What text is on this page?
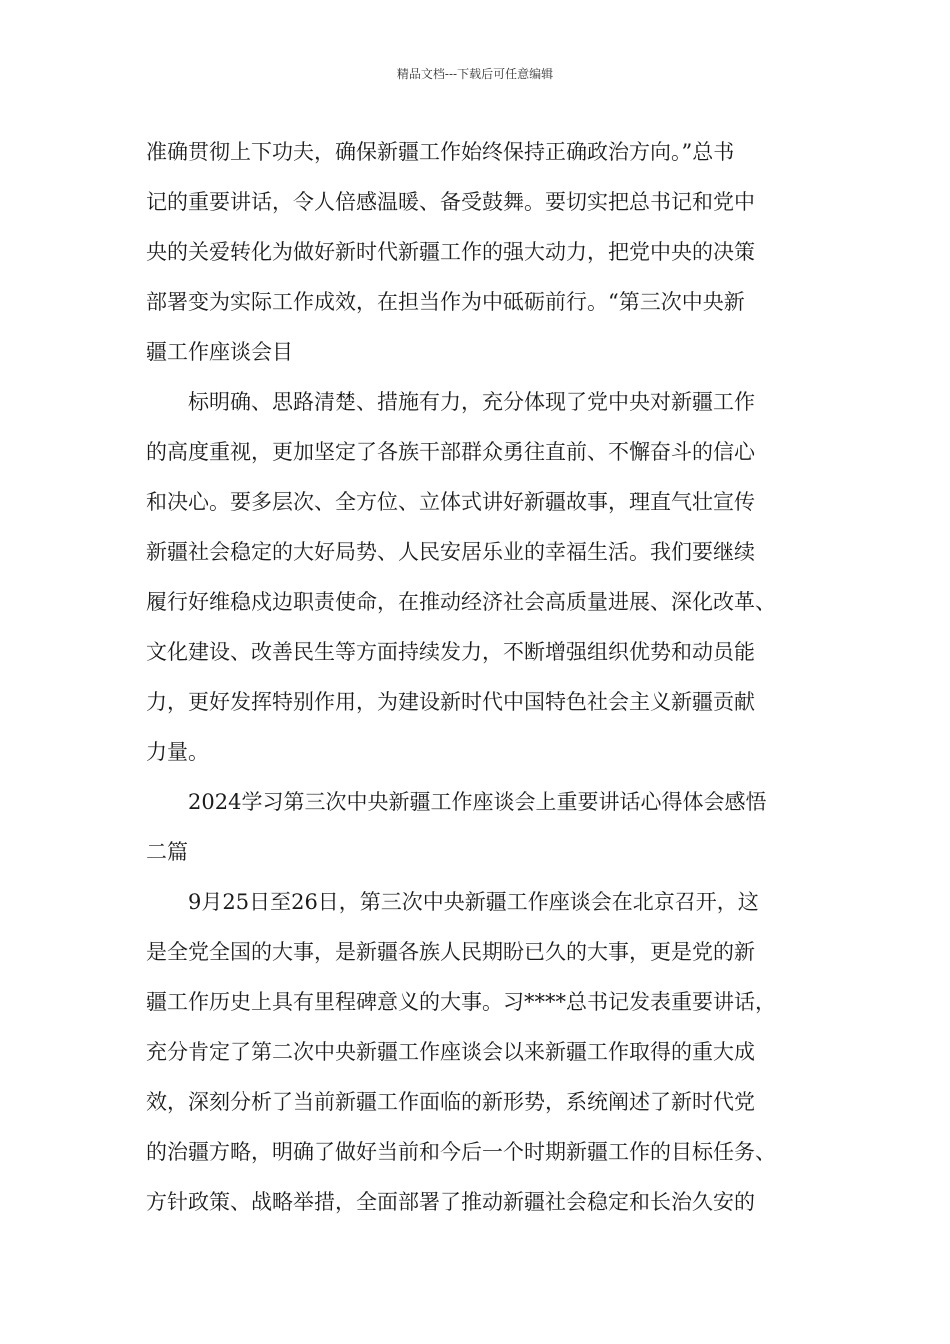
精品文档---下载后可任意编辑
准确贯彻上下功夫，确保新疆工作始终保持正确政治方向。”总书
记的重要讲话，令人倍感温暖、备受鼓舞。要切实把总书记和党中
央的关爱转化为做好新时代新疆工作的强大动力，把党中央的决策
部署变为实际工作成效，在担当作为中砥砺前行。“第三次中央新
疆工作座谈会目
标明确、思路清楚、措施有力，充分体现了党中央对新疆工作
的高度重视，更加坚定了各族干部群众勇往直前、不懈奋斗的信心
和决心。要多层次、全方位、立体式讲好新疆故事，理直气壮宣传
新疆社会稳定的大好局势、人民安居乐业的幸福生活。我们要继续
履行好维稳戍边职责使命，在推动经济社会高质量进展、深化改革、
文化建设、改善民生等方面持续发力，不断增强组织优势和动员能
力，更好发挥特别作用，为建设新时代中国特色社会主义新疆贡献
力量。
2024学习第三次中央新疆工作座谈会上重要讲话心得体会感悟
二篇
9月25日至26日，第三次中央新疆工作座谈会在北京召开，这
是全党全国的大事，是新疆各族人民期盼已久的大事，更是党的新
疆工作历史上具有里程碑意义的大事。习****总书记发表重要讲话，
充分肯定了第二次中央新疆工作座谈会以来新疆工作取得的重大成
效，深刻分析了当前新疆工作面临的新形势，系统阐述了新时代党
的治疆方略，明确了做好当前和今后一个时期新疆工作的目标任务、
方针政策、战略举措，全面部署了推动新疆社会稳定和长治久安的
